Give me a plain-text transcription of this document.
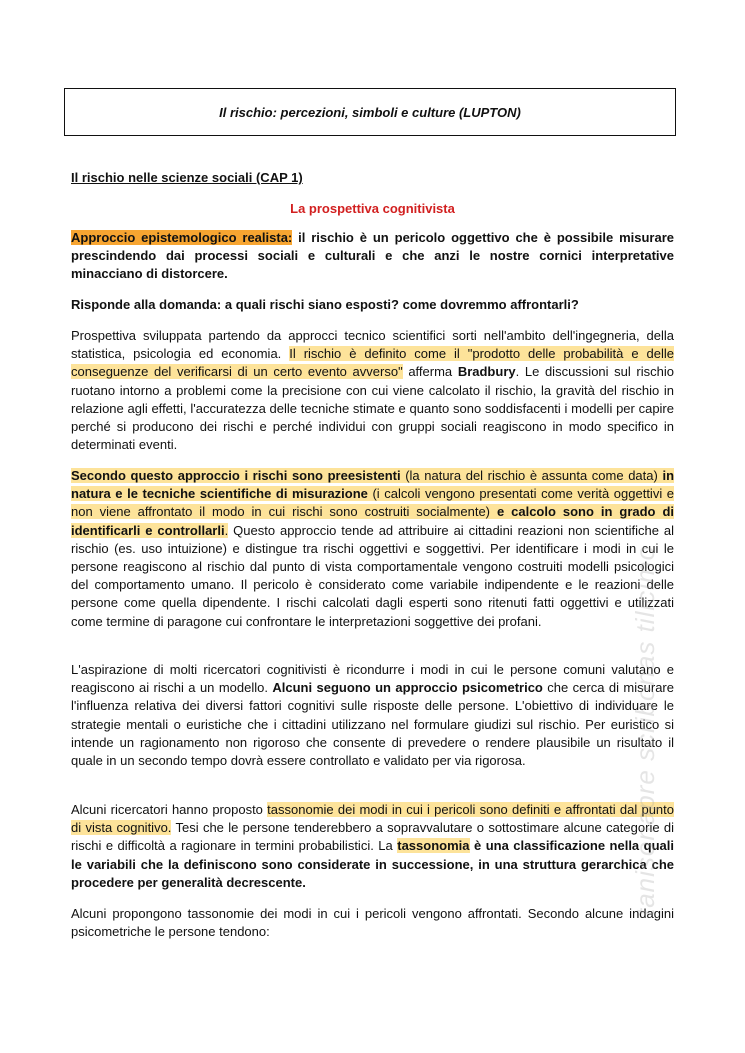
Il rischio: percezioni, simboli e culture (LUPTON)
Il rischio nelle scienze sociali (CAP 1)
La prospettiva cognitivista
Approccio epistemologico realista: il rischio è un pericolo oggettivo che è possibile misurare prescindendo dai processi sociali e culturali e che anzi le nostre cornici interpretative minacciano di distorcere.
Risponde alla domanda: a quali rischi siano esposti? come dovremmo affrontarli?
Prospettiva sviluppata partendo da approcci tecnico scientifici sorti nell'ambito dell'ingegneria, della statistica, psicologia ed economia. Il rischio è definito come il "prodotto delle probabilità e delle conseguenze del verificarsi di un certo evento avverso" afferma Bradbury. Le discussioni sul rischio ruotano intorno a problemi come la precisione con cui viene calcolato il rischio, la gravità del rischio in relazione agli effetti, l'accuratezza delle tecniche stimate e quanto sono soddisfacenti i modelli per capire perché si producono dei rischi e perché individui con gruppi sociali reagiscono in modo specifico in determinati eventi.
Secondo questo approccio i rischi sono preesistenti (la natura del rischio è assunta come data) in natura e le tecniche scientifiche di misurazione (i calcoli vengono presentati come verità oggettivi e non viene affrontato il modo in cui rischi sono costruiti socialmente) e calcolo sono in grado di identificarli e controllarli. Questo approccio tende ad attribuire ai cittadini reazioni non scientifiche al rischio (es. uso intuizione) e distingue tra rischi oggettivi e soggettivi. Per identificare i modi in cui le persone reagiscono al rischio dal punto di vista comportamentale vengono costruiti modelli psicologici del comportamento umano. Il pericolo è considerato come variabile indipendente e le reazioni delle persone come quella dipendente. I rischi calcolati dagli esperti sono ritenuti fatti oggettivi e utilizzati come termine di paragone cui confrontare le interpretazioni soggettive dei profani.
L'aspirazione di molti ricercatori cognitivisti è ricondurre i modi in cui le persone comuni valutano e reagiscono ai rischi a un modello. Alcuni seguono un approccio psicometrico che cerca di misurare l'influenza relativa dei diversi fattori cognitivi sulle risposte delle persone. L'obiettivo di individuare le strategie mentali o euristiche che i cittadini utilizzano nel formulare giudizi sul rischio. Per euristico si intende un ragionamento non rigoroso che consente di prevedere o rendere plausibile un risultato il quale in un secondo tempo dovrà essere controllato e validato per via rigorosa.
Alcuni ricercatori hanno proposto tassonomie dei modi in cui i pericoli sono definiti e affrontati dal punto di vista cognitivo. Tesi che le persone tenderebbero a sopravvalutare o sottostimare alcune categorie di rischi e difficoltà a ragionare in termini probabilistici. La tassonomia è una classificazione nella quali le variabili che la definiscono sono considerate in successione, in una struttura gerarchica che procedere per generalità decrescente.
Alcuni propongono tassonomie dei modi in cui i pericoli vengono affrontati. Secondo alcune indagini psicometriche le persone tendono:
tanisonapre scribonas tilicimo
